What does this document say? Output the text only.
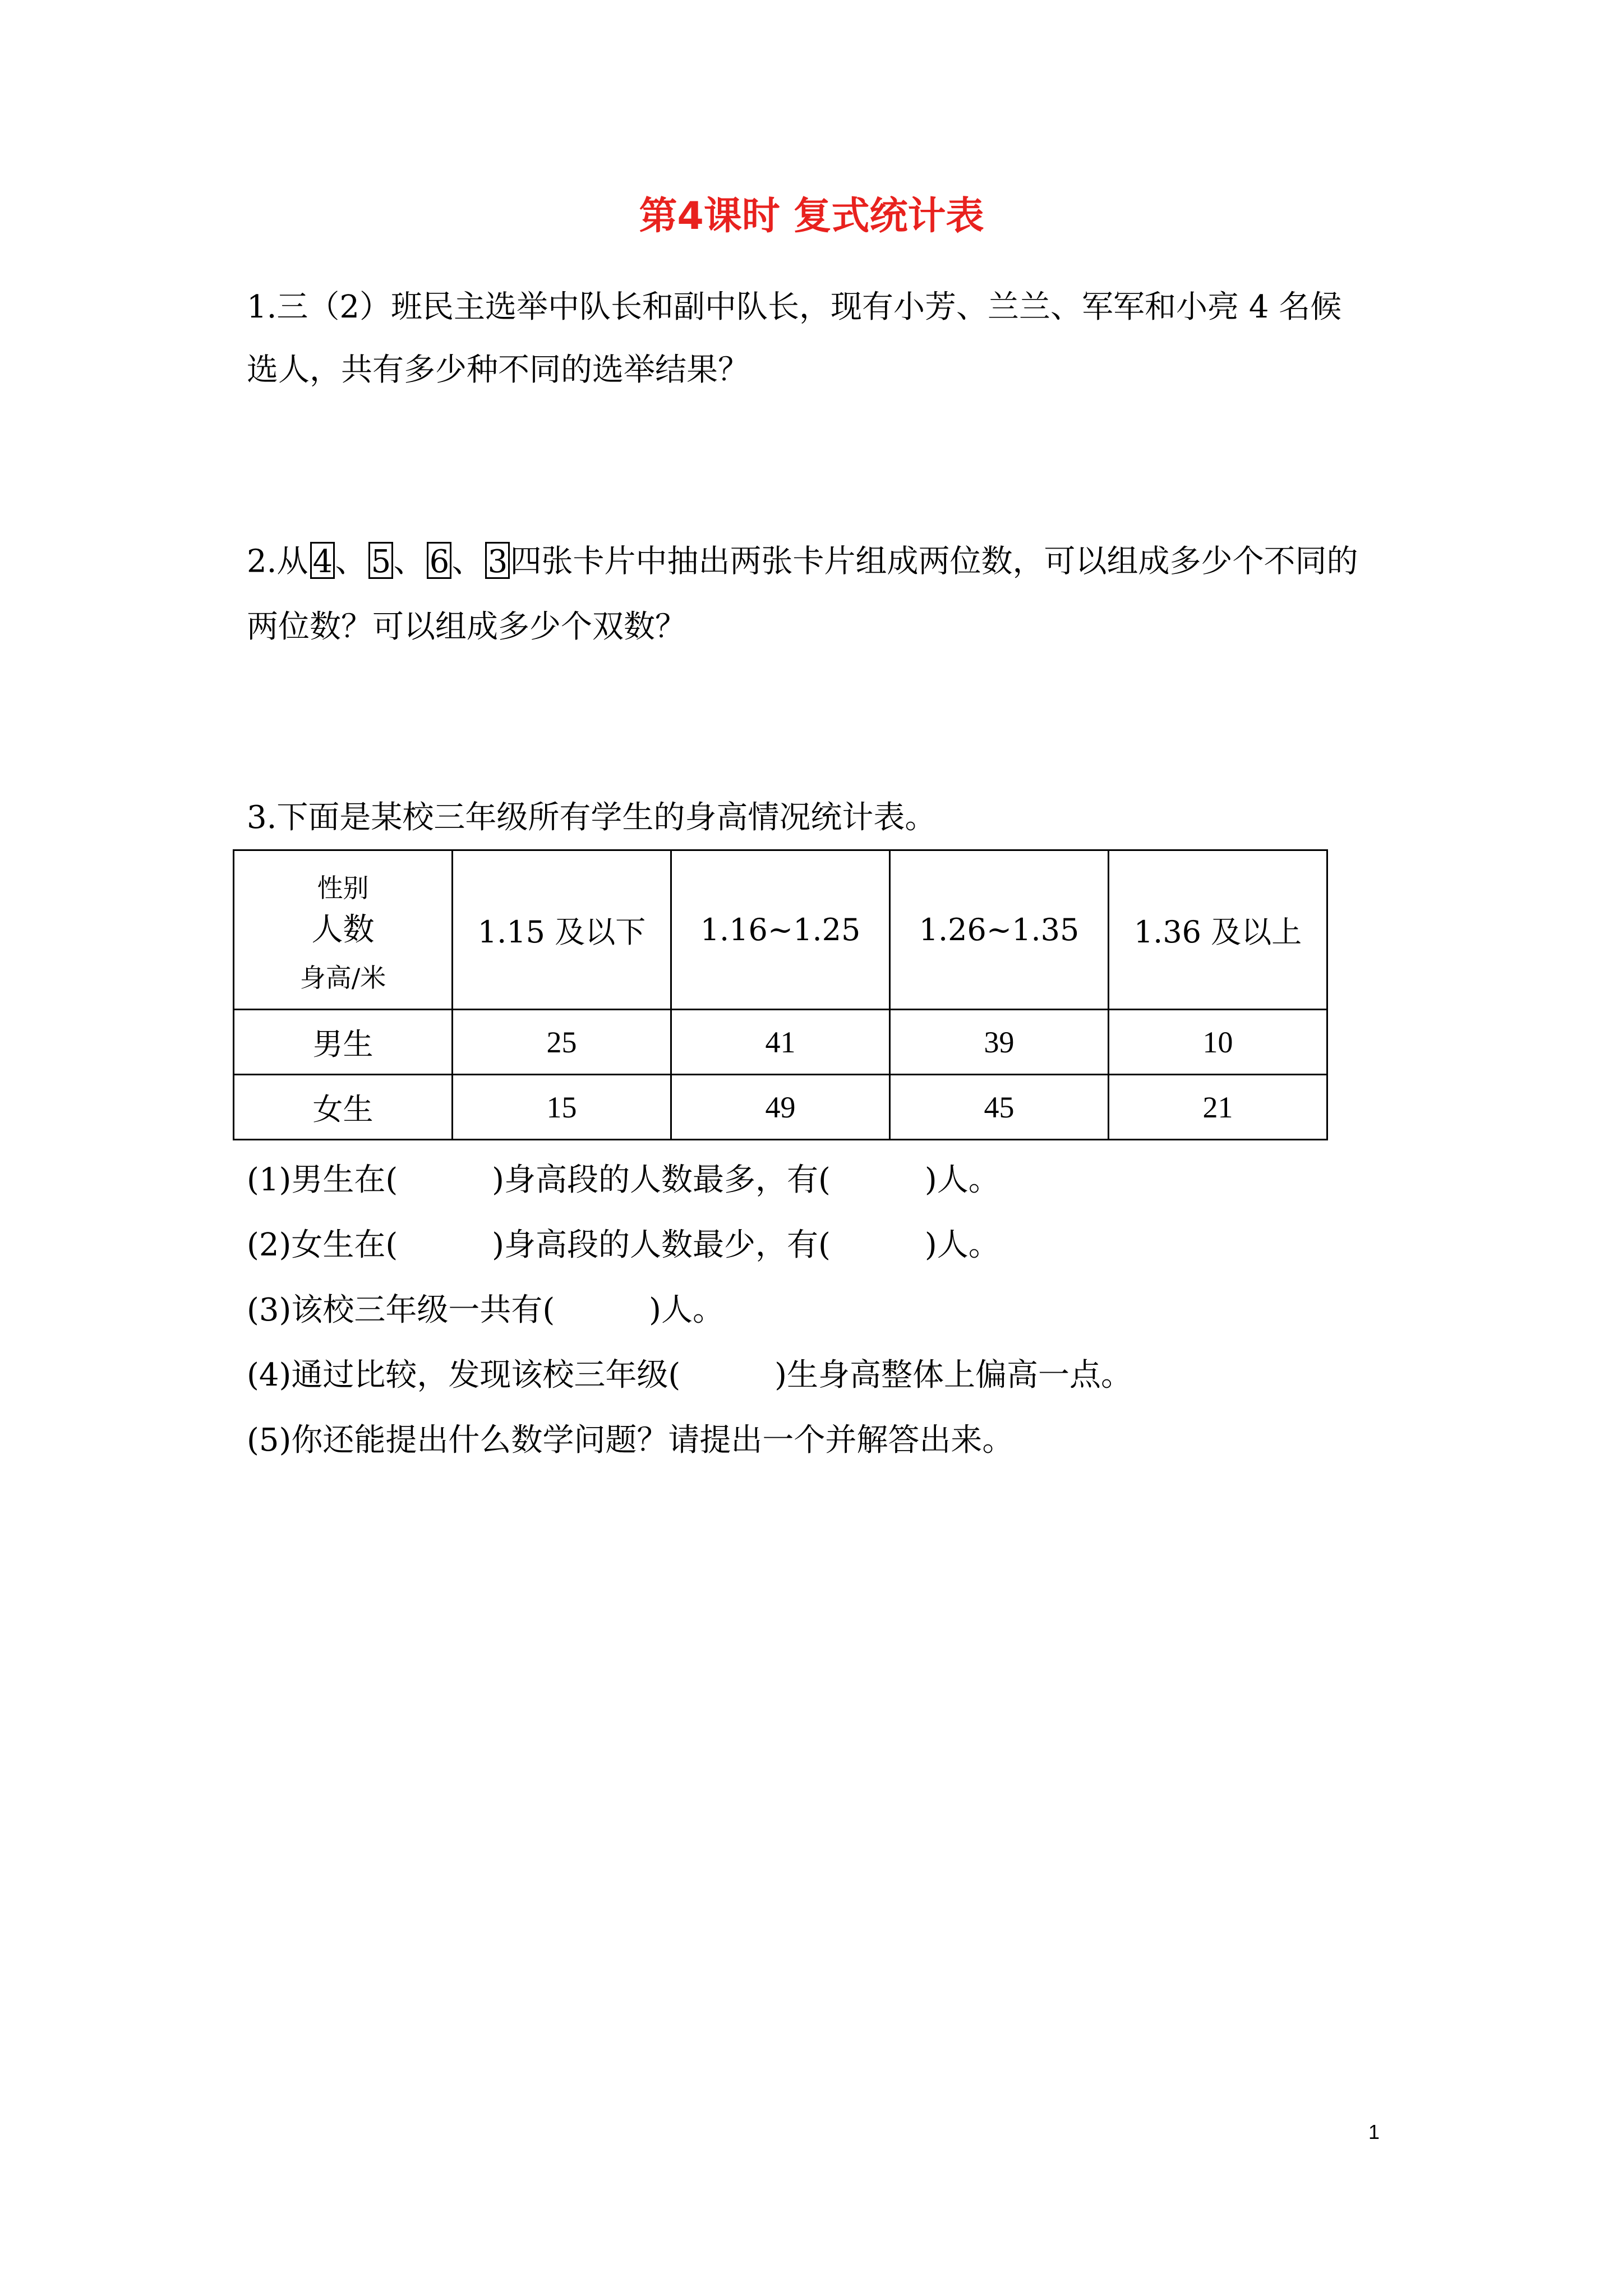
第4课时 复式统计表
1.三（2）班民主选举中队长和副中队长，现有小芳、兰兰、军军和小亮 4 名候
选人，共有多少种不同的选举结果？
2.从 4、 5、 6、 3四张卡片中抽出两张卡片组成两位数，可以组成多少个不同的
两位数？可以组成多少个双数？
3.下面是某校三年级所有学生的身高情况统计表。
性别
人数
身高/米	1.15 及以下	1.16~1.25	1.26~1.35	1.36 及以上
男生	25	41	39	10
女生	15	49	45	21
(1)男生在(　　　)身高段的人数最多，有(　　　)人。
(2)女生在(　　　)身高段的人数最少，有(　　　)人。
(3)该校三年级一共有(　　　)人。
(4)通过比较，发现该校三年级(　　　)生身高整体上偏高一点。
(5)你还能提出什么数学问题？请提出一个并解答出来。
1
